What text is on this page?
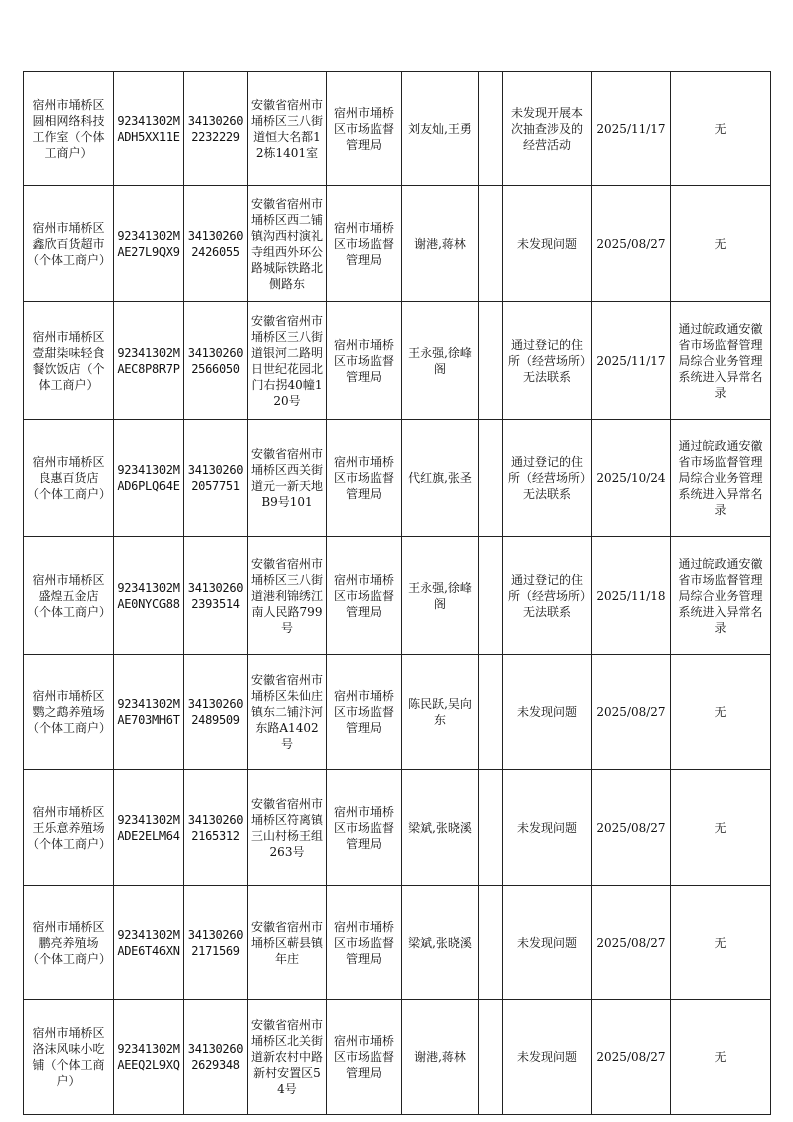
宿州市埇桥区圆相网络科技工作室（个体工商户）	92341302MADH5XX11E	341302602232229	安徽省宿州市埇桥区三八街道恒大名都12栋1401室	宿州市埇桥区市场监督管理局	刘友灿,王勇		未发现开展本次抽查涉及的经营活动	2025/11/17	无
宿州市埇桥区鑫欣百货超市（个体工商户）	92341302MAE27L9QX9	341302602426055	安徽省宿州市埇桥区西二铺镇沟西村演礼寺组西外环公路城际铁路北侧路东	宿州市埇桥区市场监督管理局	谢港,蒋林		未发现问题	2025/08/27	无
宿州市埇桥区壹甜柒味轻食餐饮饭店（个体工商户）	92341302MAEC8P8R7P	341302602566050	安徽省宿州市埇桥区三八街道银河二路明日世纪花园北门右拐40幢120号	宿州市埇桥区市场监督管理局	王永强,徐峰阁		通过登记的住所（经营场所）无法联系	2025/11/17	通过皖政通安徽省市场监督管理局综合业务管理系统进入异常名录
宿州市埇桥区良惠百货店（个体工商户）	92341302MAD6PLQ64E	341302602057751	安徽省宿州市埇桥区西关街道元一新天地B9号101	宿州市埇桥区市场监督管理局	代红旗,张圣		通过登记的住所（经营场所）无法联系	2025/10/24	通过皖政通安徽省市场监督管理局综合业务管理系统进入异常名录
宿州市埇桥区盛煌五金店（个体工商户）	92341302MAE0NYCG88	341302602393514	安徽省宿州市埇桥区三八街道港利锦绣江南人民路799号	宿州市埇桥区市场监督管理局	王永强,徐峰阁		通过登记的住所（经营场所）无法联系	2025/11/18	通过皖政通安徽省市场监督管理局综合业务管理系统进入异常名录
宿州市埇桥区鹦之鹉养殖场（个体工商户）	92341302MAE703MH6T	341302602489509	安徽省宿州市埇桥区朱仙庄镇东二铺汴河东路A1402号	宿州市埇桥区市场监督管理局	陈民跃,吴向东		未发现问题	2025/08/27	无
宿州市埇桥区王乐意养殖场（个体工商户）	92341302MADE2ELM64	341302602165312	安徽省宿州市埇桥区符离镇三山村杨王组263号	宿州市埇桥区市场监督管理局	梁斌,张晓溪		未发现问题	2025/08/27	无
宿州市埇桥区鹏亮养殖场（个体工商户）	92341302MADE6T46XN	341302602171569	安徽省宿州市埇桥区蕲县镇年庄	宿州市埇桥区市场监督管理局	梁斌,张晓溪		未发现问题	2025/08/27	无
宿州市埇桥区洛沫风味小吃铺（个体工商户）	92341302MAEEQ2L9XQ	341302602629348	安徽省宿州市埇桥区北关街道新农村中路新村安置区54号	宿州市埇桥区市场监督管理局	谢港,蒋林		未发现问题	2025/08/27	无
